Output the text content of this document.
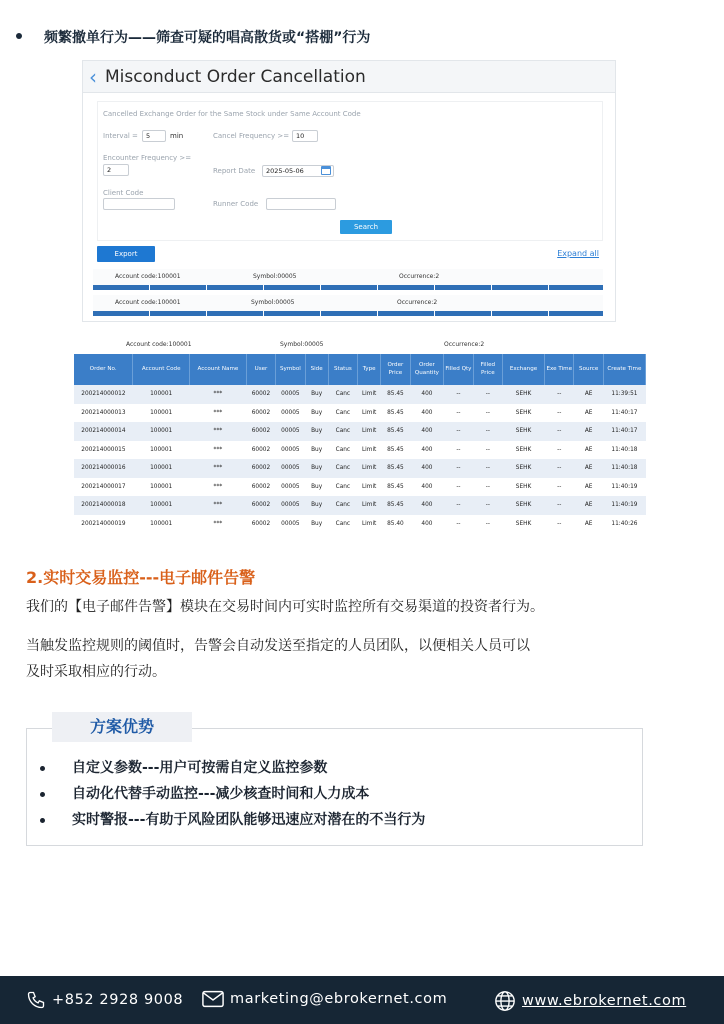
频繁撤单行为——筛查可疑的唱高散货或“搭棚”行为
‹ Misconduct Order Cancellation
Cancelled Exchange Order for the Same Stock under Same Account Code
Interval =	5	min	Cancel Frequency >=	10
Encounter Frequency >=
2	Report Date	2025-05-06
Client Code
Runner Code
Search
Export	Expand all
Account code:100001	Symbol:00005	Occurrence:2
Account code:100001	Symbol:00005	Occurrence:2
Account code:100001	Symbol:00005	Occurrence:2
Order No.	Account Code	Account Name	User	Symbol	Side	Status	Type	Order Price	Order Quantity	Filled Qty	Filled Price	Exchange	Exe Time	Source	Create Time
200214000012	100001	***	60002	00005	Buy	Canc	Limit	85.45	400	--	--	SEHK	--	AE	11:39:51
200214000013	100001	***	60002	00005	Buy	Canc	Limit	85.45	400	--	--	SEHK	--	AE	11:40:17
200214000014	100001	***	60002	00005	Buy	Canc	Limit	85.45	400	--	--	SEHK	--	AE	11:40:17
200214000015	100001	***	60002	00005	Buy	Canc	Limit	85.45	400	--	--	SEHK	--	AE	11:40:18
200214000016	100001	***	60002	00005	Buy	Canc	Limit	85.45	400	--	--	SEHK	--	AE	11:40:18
200214000017	100001	***	60002	00005	Buy	Canc	Limit	85.45	400	--	--	SEHK	--	AE	11:40:19
200214000018	100001	***	60002	00005	Buy	Canc	Limit	85.45	400	--	--	SEHK	--	AE	11:40:19
200214000019	100001	***	60002	00005	Buy	Canc	Limit	85.40	400	--	--	SEHK	--	AE	11:40:26
2.实时交易监控---电子邮件告警
我们的【电子邮件告警】模块在交易时间内可实时监控所有交易渠道的投资者行为。
当触发监控规则的阈值时，告警会自动发送至指定的人员团队，以便相关人员可以
及时采取相应的行动。
方案优势
自定义参数---用户可按需自定义监控参数
自动化代替手动监控---减少核查时间和人力成本
实时警报---有助于风险团队能够迅速应对潜在的不当行为
+852 2928 9008	marketing@ebrokernet.com	www.ebrokernet.com
